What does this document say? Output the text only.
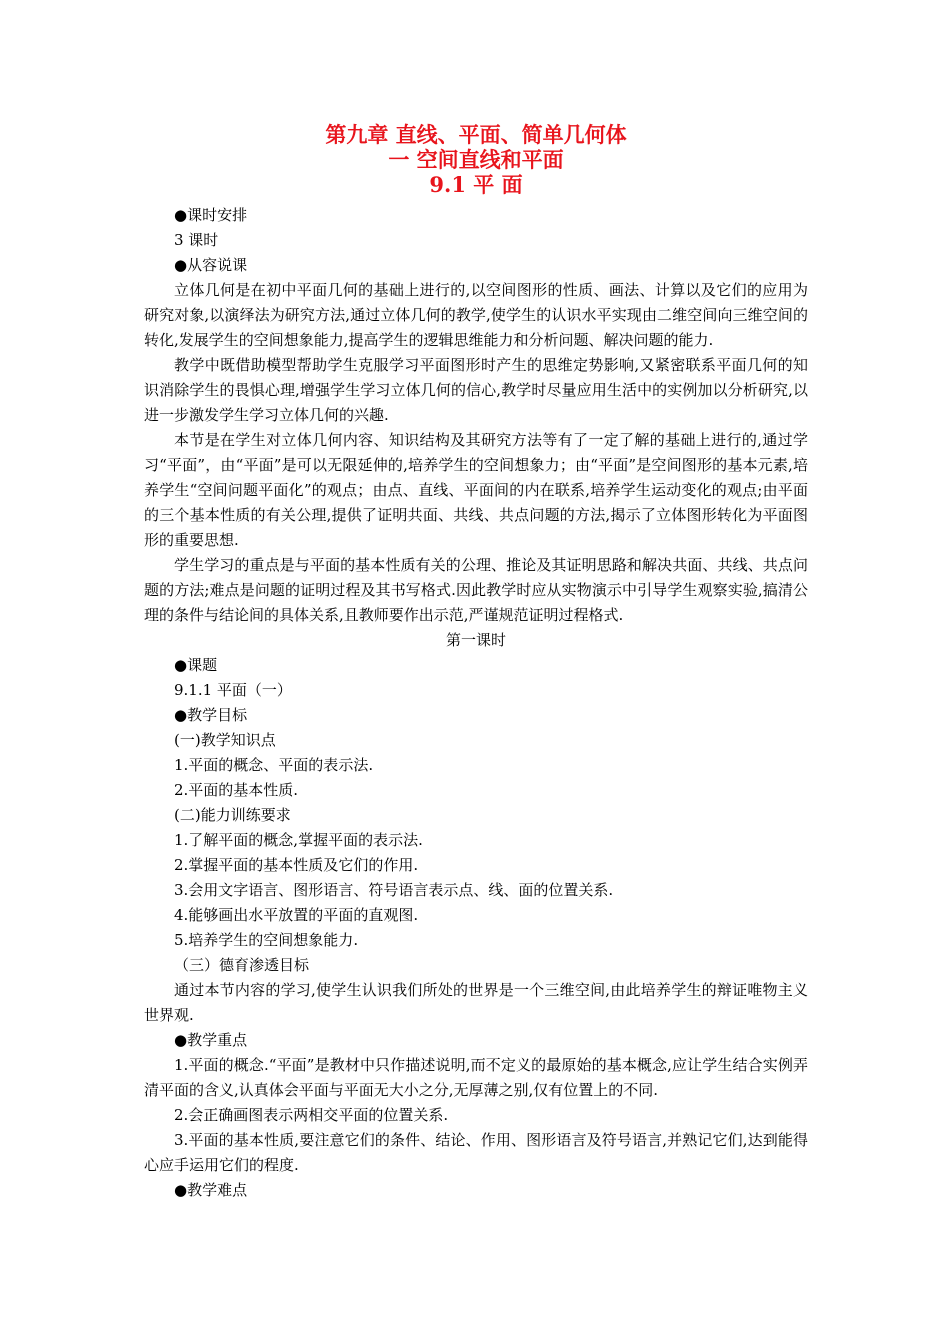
第九章 直线、平面、简单几何体
一 空间直线和平面
9.1 平 面

●课时安排

3 课时

●从容说课

立体几何是在初中平面几何的基础上进行的,以空间图形的性质、画法、计算以及它们的应用为研究对象,以演绎法为研究方法,通过立体几何的教学,使学生的认识水平实现由二维空间向三维空间的转化,发展学生的空间想象能力,提高学生的逻辑思维能力和分析问题、解决问题的能力.

教学中既借助模型帮助学生克服学习平面图形时产生的思维定势影响,又紧密联系平面几何的知识消除学生的畏惧心理,增强学生学习立体几何的信心,教学时尽量应用生活中的实例加以分析研究,以进一步激发学生学习立体几何的兴趣.

本节是在学生对立体几何内容、知识结构及其研究方法等有了一定了解的基础上进行的,通过学习“平面”，由“平面”是可以无限延伸的,培养学生的空间想象力；由“平面”是空间图形的基本元素,培养学生“空间问题平面化”的观点；由点、直线、平面间的内在联系,培养学生运动变化的观点;由平面的三个基本性质的有关公理,提供了证明共面、共线、共点问题的方法,揭示了立体图形转化为平面图形的重要思想.

学生学习的重点是与平面的基本性质有关的公理、推论及其证明思路和解决共面、共线、共点问题的方法;难点是问题的证明过程及其书写格式.因此教学时应从实物演示中引导学生观察实验,搞清公理的条件与结论间的具体关系,且教师要作出示范,严谨规范证明过程格式.

第一课时

●课题

9.1.1 平面（一）

●教学目标

(一)教学知识点

1.平面的概念、平面的表示法.

2.平面的基本性质.

(二)能力训练要求

1.了解平面的概念,掌握平面的表示法.

2.掌握平面的基本性质及它们的作用.

3.会用文字语言、图形语言、符号语言表示点、线、面的位置关系.

4.能够画出水平放置的平面的直观图.

5.培养学生的空间想象能力.

（三）德育渗透目标

通过本节内容的学习,使学生认识我们所处的世界是一个三维空间,由此培养学生的辩证唯物主义世界观.

●教学重点

1.平面的概念.“平面”是教材中只作描述说明,而不定义的最原始的基本概念,应让学生结合实例弄清平面的含义,认真体会平面与平面无大小之分,无厚薄之别,仅有位置上的不同.

2.会正确画图表示两相交平面的位置关系.

3.平面的基本性质,要注意它们的条件、结论、作用、图形语言及符号语言,并熟记它们,达到能得心应手运用它们的程度.

●教学难点
